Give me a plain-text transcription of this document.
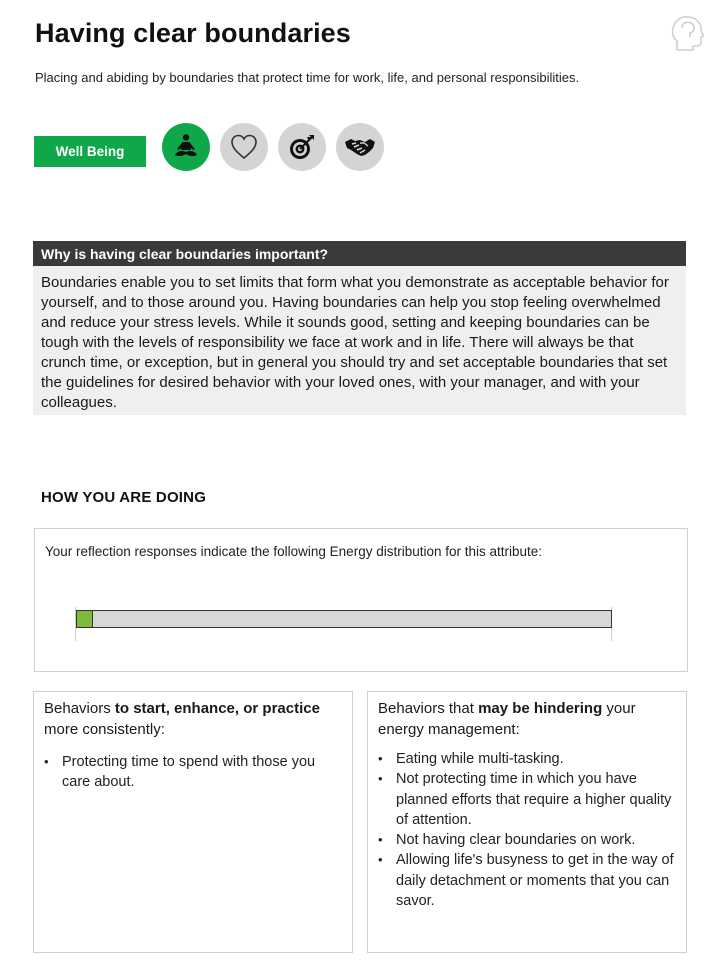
Having clear boundaries
Placing and abiding by boundaries that protect time for work, life, and personal responsibilities.
Well Being
Why is having clear boundaries important?
Boundaries enable you to set limits that form what you demonstrate as acceptable behavior for yourself, and to those around you. Having boundaries can help you stop feeling overwhelmed and reduce your stress levels. While it sounds good, setting and keeping boundaries can be tough with the levels of responsibility we face at work and in life. There will always be that crunch time, or exception, but in general you should try and set acceptable boundaries that set the guidelines for desired behavior with your loved ones, with your manager, and with your colleagues.
HOW YOU ARE DOING
Your reflection responses indicate the following Energy distribution for this attribute:
Behaviors to start, enhance, or practice more consistently:
• Protecting time to spend with those you care about.
Behaviors that may be hindering your energy management:
• Eating while multi-tasking.
• Not protecting time in which you have planned efforts that require a higher quality of attention.
• Not having clear boundaries on work.
• Allowing life's busyness to get in the way of daily detachment or moments that you can savor.
